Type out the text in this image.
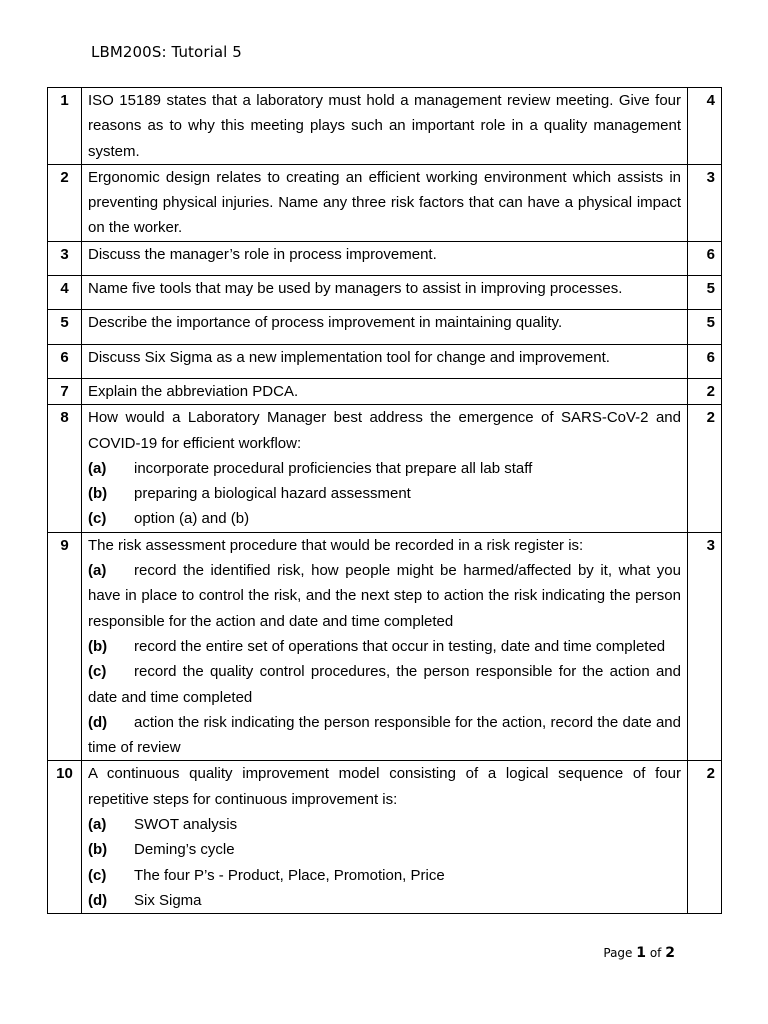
LBM200S: Tutorial 5
1	ISO 15189 states that a laboratory must hold a management review meeting. Give four reasons as to why this meeting plays such an important role in a quality management system.	4
2	Ergonomic design relates to creating an efficient working environment which assists in preventing physical injuries. Name any three risk factors that can have a physical impact on the worker.	3
3	Discuss the manager’s role in process improvement.	6
4	Name five tools that may be used by managers to assist in improving processes.	5
5	Describe the importance of process improvement in maintaining quality.	5
6	Discuss Six Sigma as a new implementation tool for change and improvement.	6
7	Explain the abbreviation PDCA.	2
8	How would a Laboratory Manager best address the emergence of SARS-CoV-2 and COVID-19 for efficient workflow:
(a) incorporate procedural proficiencies that prepare all lab staff
(b) preparing a biological hazard assessment
(c) option (a) and (b)	2
9	The risk assessment procedure that would be recorded in a risk register is:
(a) record the identified risk, how people might be harmed/affected by it, what you have in place to control the risk, and the next step to action the risk indicating the person responsible for the action and date and time completed
(b) record the entire set of operations that occur in testing, date and time completed
(c) record the quality control procedures, the person responsible for the action and date and time completed
(d) action the risk indicating the person responsible for the action, record the date and time of review	3
10	A continuous quality improvement model consisting of a logical sequence of four repetitive steps for continuous improvement is:
(a) SWOT analysis
(b) Deming’s cycle
(c) The four P’s - Product, Place, Promotion, Price
(d) Six Sigma	2
Page 1 of 2
